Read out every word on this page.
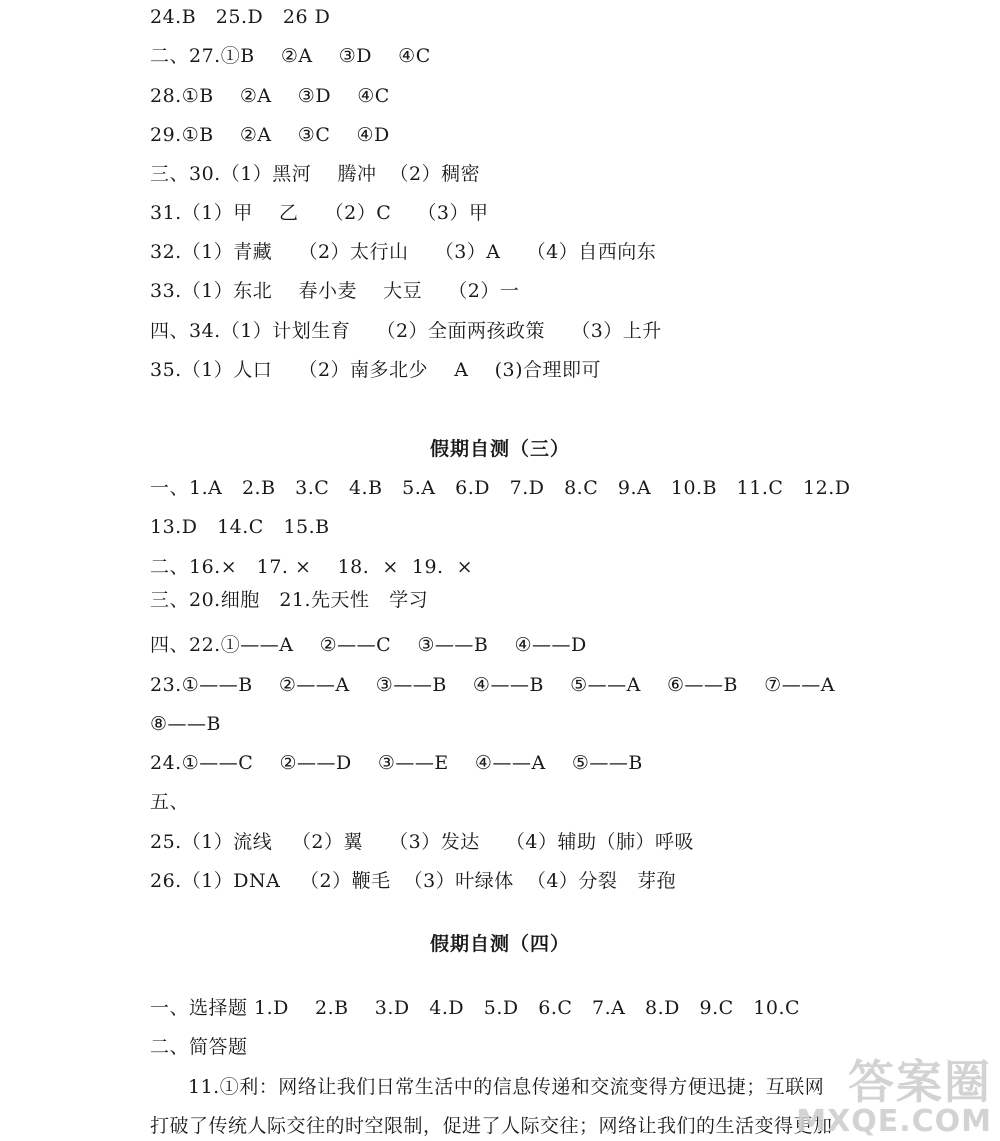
24.B   25.D   26 D
二、27.①B    ②A    ③D    ④C
28.①B    ②A    ③D    ④C
29.①B    ②A    ③C    ④D
三、30.（1）黑河    腾冲  （2）稠密
31.（1）甲    乙    （2）C    （3）甲
32.（1）青藏    （2）太行山    （3）A    （4）自西向东
33.（1）东北    春小麦    大豆    （2）一
四、34.（1）计划生育    （2）全面两孩政策    （3）上升
35.（1）人口    （2）南多北少    A    (3)合理即可
假期自测（三）
一、1.A   2.B   3.C   4.B   5.A   6.D   7.D   8.C   9.A   10.B   11.C   12.D
13.D   14.C   15.B
二、16.×   17. ×    18.  ×  19.  ×
三、20.细胞   21.先天性   学习
四、22.①——A    ②——C    ③——B    ④——D
23.①——B    ②——A    ③——B    ④——B    ⑤——A    ⑥——B    ⑦——A
⑧——B
24.①——C    ②——D    ③——E    ④——A    ⑤——B
五、
25.（1）流线   （2）翼    （3）发达    （4）辅助（肺）呼吸
26.（1）DNA   （2）鞭毛  （3）叶绿体  （4）分裂   芽孢
假期自测（四）
一、选择题 1.D    2.B    3.D   4.D   5.D   6.C   7.A   8.D   9.C   10.C
二、简答题
11.①利：网络让我们日常生活中的信息传递和交流变得方便迅捷；互联网
打破了传统人际交往的时空限制，促进了人际交往；网络让我们的生活变得更加
答案圈
MXQE.COM
